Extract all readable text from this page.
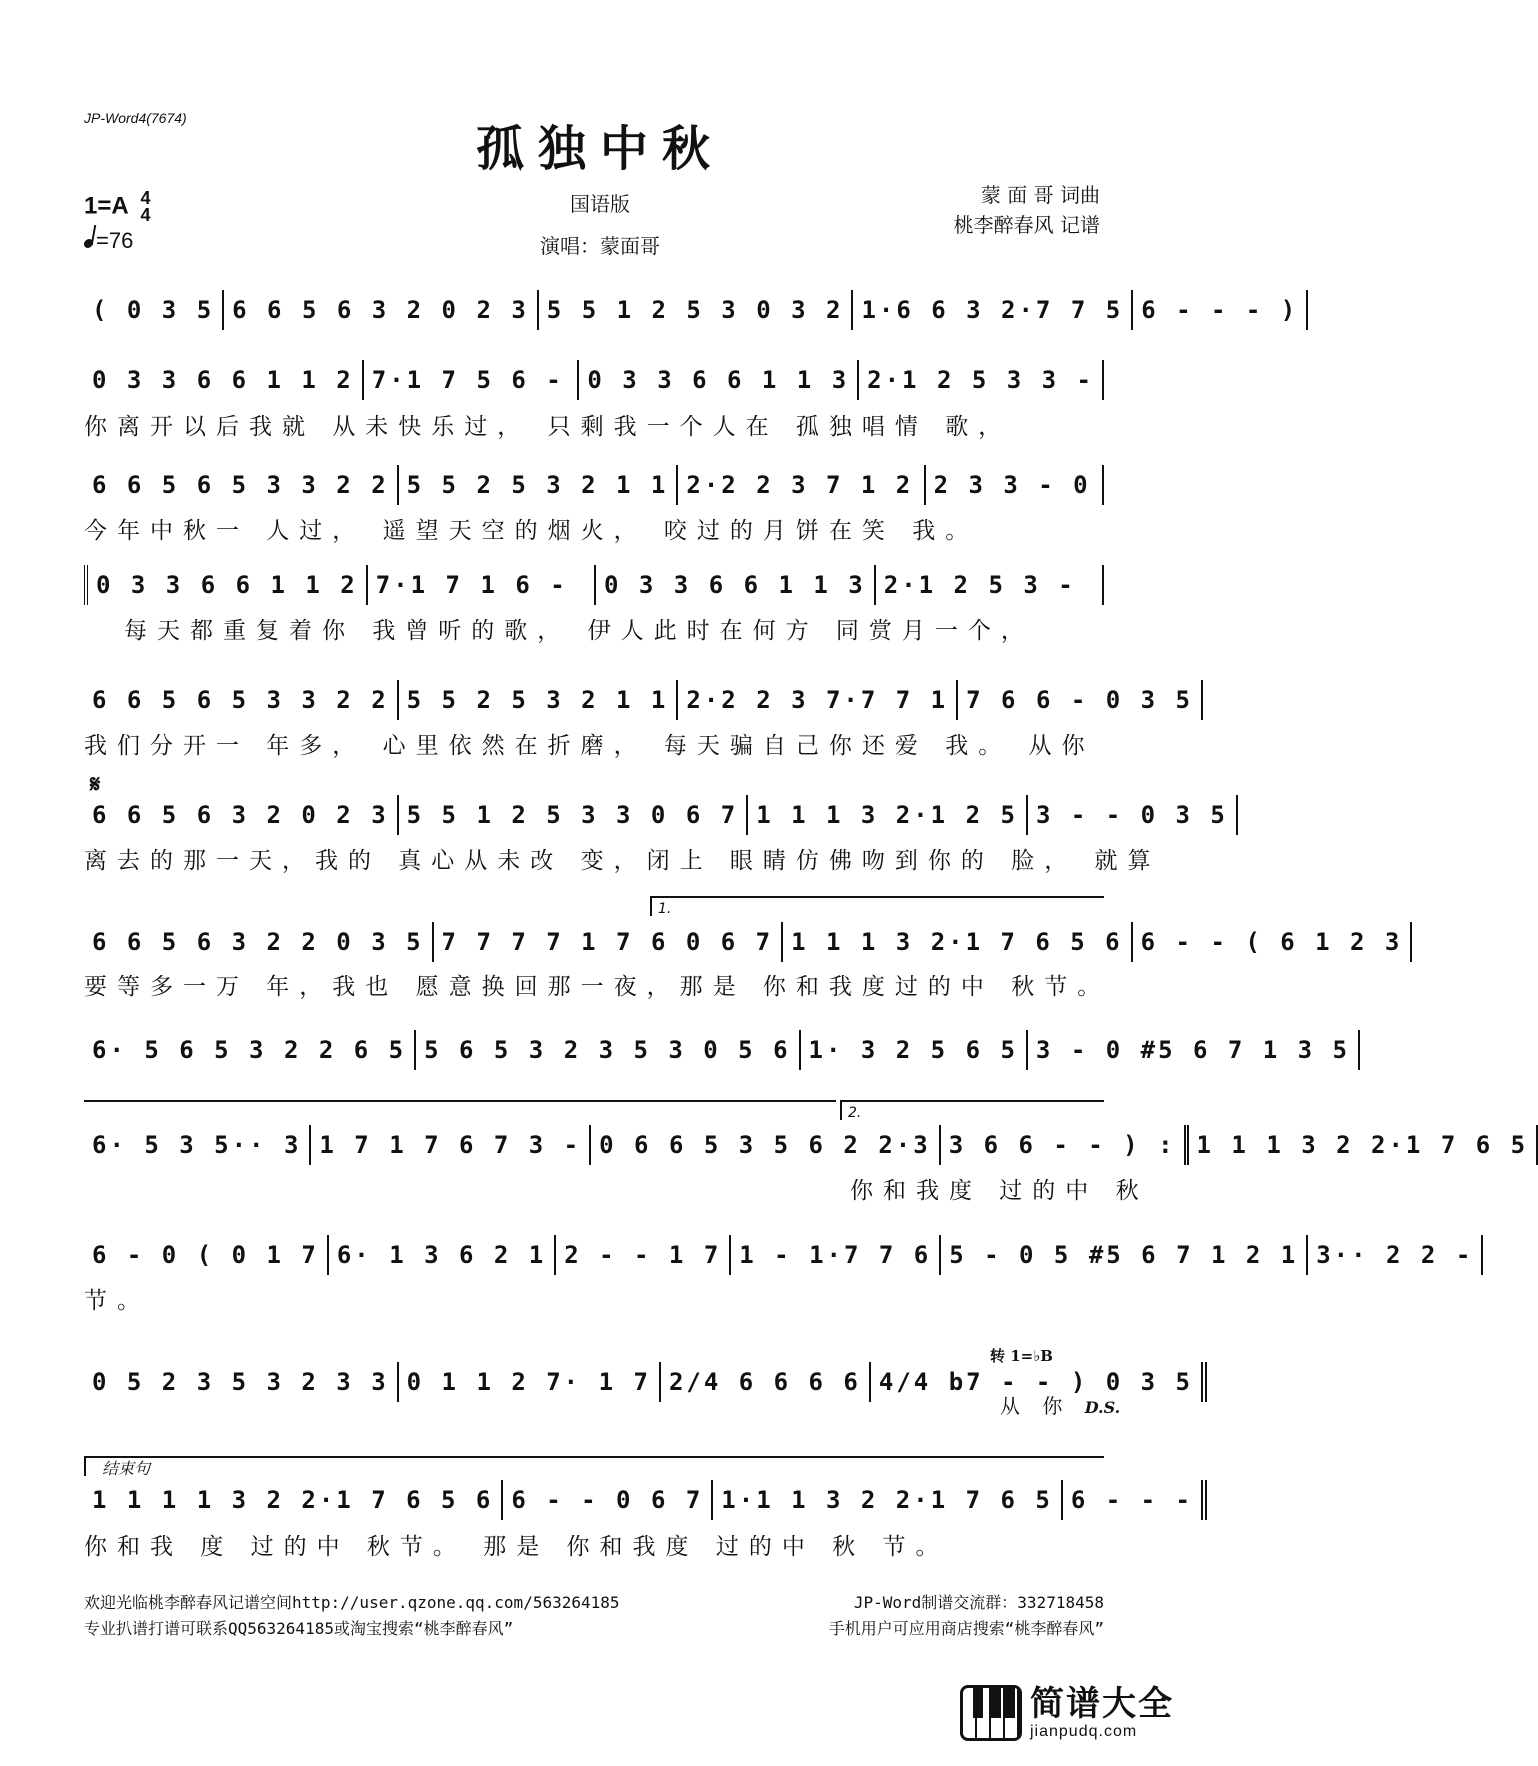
JP-Word4(7674)
孤独中秋
1=A 4
4
=76
国语版
演唱：蒙面哥
蒙 面 哥 词曲
桃李醉春风 记谱
( 0 3 5 6 6 5 6 3 2 0 2 3 5 5 1 2 5 3 0 3 2 1·6 6 3 2·7 7 5 6 - - - )
0 3 3 6 6 1 1 2 7·1 7 5 6 - 0 3 3 6 6 1 1 3 2·1 2 5 3 3 -
你离开以后我就 从未快乐过， 只剩我一个人在 孤独唱情 歌，
6 6 5 6 5 3 3 2 2 5 5 2 5 3 2 1 1 2·2 2 3 7 1 2 2 3 3 - 0
今年中秋一 人过， 遥望天空的烟火， 咬过的月饼在笑 我。
0 3 3 6 6 1 1 2 7·1 7 1 6 -	0 3 3 6 6 1 1 3 2·1 2 5 3 -
每天都重复着你 我曾听的歌， 伊人此时在何方 同赏月一个，
6 6 5 6 5 3 3 2 2 5 5 2 5 3 2 1 1 2·2 2 3 7·7 7 1 7 6 6 - 0 3 5
我们分开一 年多， 心里依然在折磨， 每天骗自己你还爱 我。 从你
𝄋
6 6 5 6 3 2 0 2 3 5 5 1 2 5 3 3 0 6 7 1 1 1 3 2·1 2 5 3 - - 0 3 5
离去的那一天，我的 真心从未改 变，闭上 眼睛仿佛吻到你的 脸， 就算
1.
6 6 5 6 3 2 2 0 3 5 7 7 7 7 1 7 6 0 6 7 1 1 1 3 2·1 7 6 5 6 6 - - ( 6 1 2 3
要等多一万 年，我也 愿意换回那一夜，那是 你和我度过的中 秋节。
6· 5 6 5 3 2 2 6 5 5 6 5 3 2 3 5 3 0 5 6 1· 3 2 5 6 5 3 - 0 #5 6 7 1 3 5
2.
6· 5 3 5·· 3 1 7 1 7 6 7 3 - 0 6 6 5 3 5 6 2 2·3 3 6 6 - - ) : 1 1 1 3 2 2·1 7 6 5
你和我度 过的中 秋
6 - 0 ( 0 1 7 6· 1 3 6 2 1 2 - - 1 7 1 - 1·7 7 6 5 - 0 5 #5 6 7 1 2 1 3·· 2 2 -
节。
转 1=♭B
0 5 2 3 5 3 2 3 3 0 1 1 2 7· 1 7 2/4 6 6 6 6 4/4 b7 - - ) 0 3 5
从 你 D.S.
结束句
1 1 1 1 3 2 2·1 7 6 5 6 6 - - 0 6 7 1·1 1 3 2 2·1 7 6 5 6 - - -
你和我 度 过的中 秋节。 那是 你和我度 过的中 秋 节。
欢迎光临桃李醉春风记谱空间http://user.qzone.qq.com/563264185	JP-Word制谱交流群：332718458
专业扒谱打谱可联系QQ563264185或淘宝搜索“桃李醉春风”	手机用户可应用商店搜索“桃李醉春风”
简谱大全
jianpudq.com
